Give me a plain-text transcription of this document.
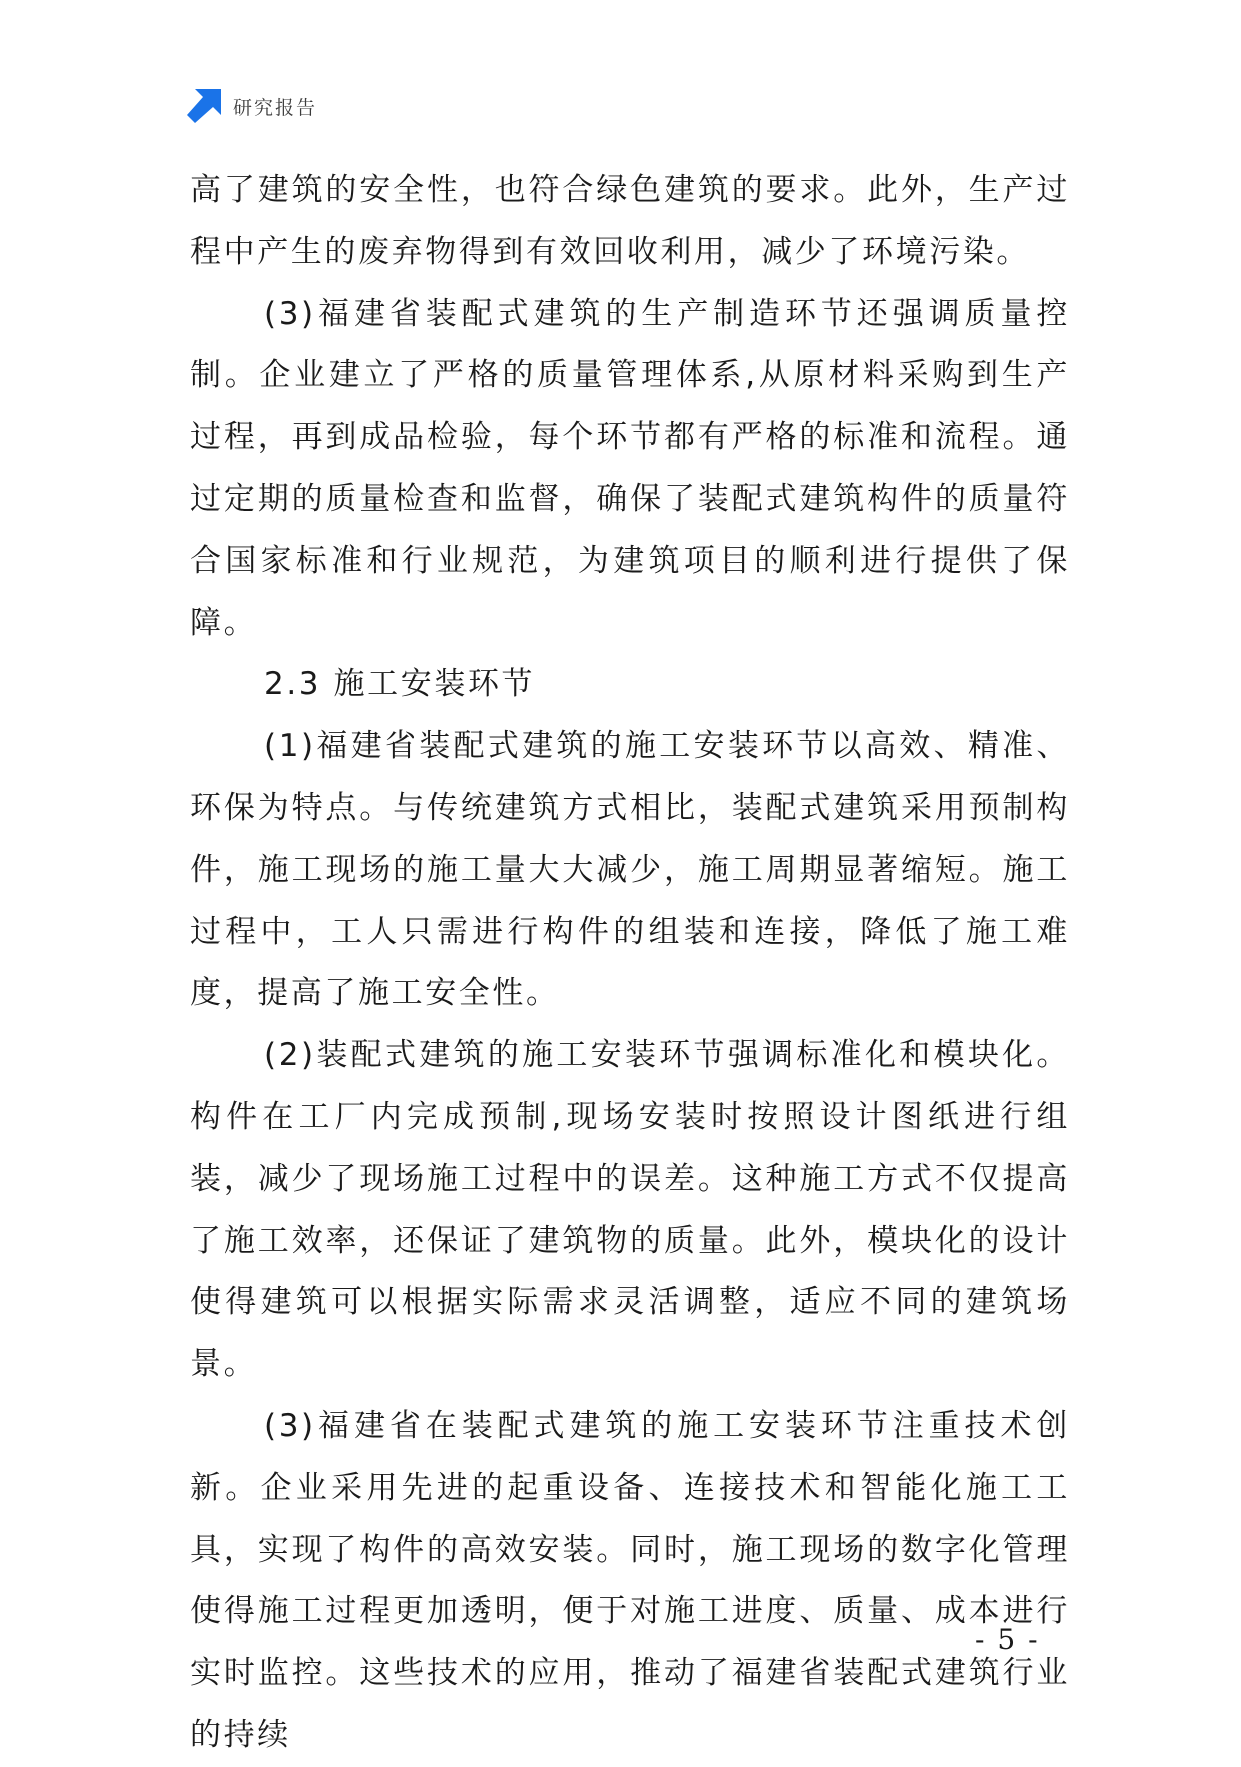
研究报告

高了建筑的安全性，也符合绿色建筑的要求。此外，生产过程中产生的废弃物得到有效回收利用，减少了环境污染。

(3)福建省装配式建筑的生产制造环节还强调质量控制。企业建立了严格的质量管理体系,从原材料采购到生产过程，再到成品检验，每个环节都有严格的标准和流程。通过定期的质量检查和监督，确保了装配式建筑构件的质量符合国家标准和行业规范，为建筑项目的顺利进行提供了保障。

2.3 施工安装环节

(1)福建省装配式建筑的施工安装环节以高效、精准、环保为特点。与传统建筑方式相比，装配式建筑采用预制构件，施工现场的施工量大大减少，施工周期显著缩短。施工过程中，工人只需进行构件的组装和连接，降低了施工难度，提高了施工安全性。

(2)装配式建筑的施工安装环节强调标准化和模块化。构件在工厂内完成预制,现场安装时按照设计图纸进行组装，减少了现场施工过程中的误差。这种施工方式不仅提高了施工效率，还保证了建筑物的质量。此外，模块化的设计使得建筑可以根据实际需求灵活调整，适应不同的建筑场景。

(3)福建省在装配式建筑的施工安装环节注重技术创新。企业采用先进的起重设备、连接技术和智能化施工工具，实现了构件的高效安装。同时，施工现场的数字化管理使得施工过程更加透明，便于对施工进度、质量、成本进行实时监控。这些技术的应用，推动了福建省装配式建筑行业的持续

- 5 -
